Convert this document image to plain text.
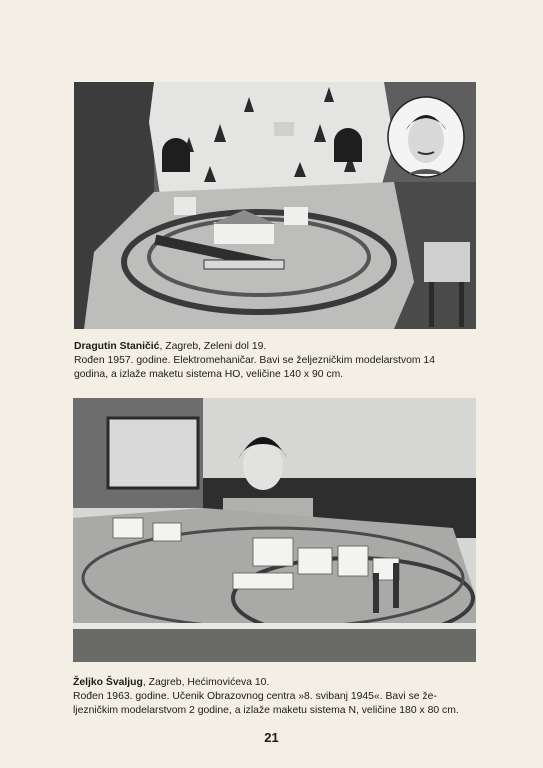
Dragutin Staničić, Zagreb, Zeleni dol 19.
Rođen 1957. godine. Elektromehaničar. Bavi se željezničkim modelarstvom 14
godina, a izlaže maketu sistema HO, veličine 140 x 90 cm.
Željko Švaljug, Zagreb, Hećimovićeva 10.
Rođen 1963. godine. Učenik Obrazovnog centra »8. svibanj 1945«. Bavi se že-
ljezničkim modelarstvom 2 godine, a izlaže maketu sistema N, veličine 180 x 80 cm.
21
